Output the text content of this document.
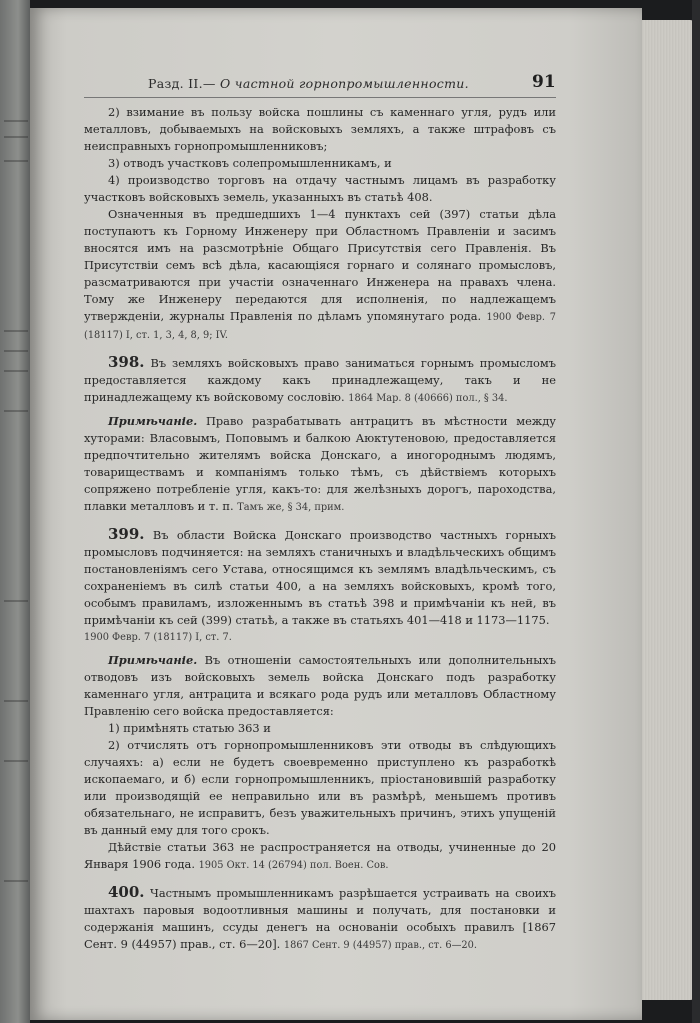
Разд. II.— О частной горнопромышленности.	91

2) взимание въ пользу войска пошлины съ каменнаго угля, рудъ или металловъ, добываемыхъ на войсковыхъ земляхъ, а также штрафовъ съ неисправныхъ горнопромышленниковъ;

3) отводъ участковъ солепромышленникамъ, и

4) производство торговъ на отдачу частнымъ лицамъ въ разработку участковъ войсковыхъ земель, указанныхъ въ статьѣ 408.

Означенныя въ предшедшихъ 1—4 пунктахъ сей (397) статьи дѣла поступаютъ къ Горному Инженеру при Областномъ Правленіи и засимъ вносятся имъ на разсмотрѣніе Общаго Присутствія сего Правленія. Въ Присутствіи семъ всѣ дѣла, касающіяся горнаго и солянаго промысловъ, разсматриваются при участіи означеннаго Инженера на правахъ члена. Тому же Инженеру передаются для исполненія, по надлежащемъ утвержденіи, журналы Правленія по дѣламъ упомянутаго рода. 1900 Февр. 7 (18117) I, ст. 1, 3, 4, 8, 9; IV.

398. Въ земляхъ войсковыхъ право заниматься горнымъ промысломъ предоставляется каждому какъ принадлежащему, такъ и не принадлежащему къ войсковому сословію. 1864 Мар. 8 (40666) пол., § 34.
Примѣчаніе. Право разрабатывать антрацитъ въ мѣстности между хуторами: Власовымъ, Поповымъ и балкою Аюктутеновою, предоставляется предпочтительно жителямъ войска Донскаго, а иногороднымъ людямъ, товариществамъ и компаніямъ только тѣмъ, съ дѣйствіемъ которыхъ сопряжено потребленіе угля, какъ-то: для желѣзныхъ дорогъ, пароходства, плавки металловъ и т. п. Тамъ же, § 34, прим.
399. Въ области Войска Донскаго производство частныхъ горныхъ промысловъ подчиняется: на земляхъ станичныхъ и владѣльческихъ общимъ постановленіямъ сего Устава, относящимся къ землямъ владѣльческимъ, съ сохраненіемъ въ силѣ статьи 400, а на земляхъ войсковыхъ, кромѣ того, особымъ правиламъ, изложеннымъ въ статьѣ 398 и примѣчаніи къ ней, въ примѣчаніи къ сей (399) статьѣ, а также въ статьяхъ 401—418 и 1173—1175.

1900 Февр. 7 (18117) I, ст. 7.

Примѣчаніе. Въ отношеніи самостоятельныхъ или дополнительныхъ отводовъ изъ войсковыхъ земель войска Донскаго подъ разработку каменнаго угля, антрацита и всякаго рода рудъ или металловъ Областному Правленію сего войска предоставляется:

1) примѣнять статью 363 и

2) отчислять отъ горнопромышленниковъ эти отводы въ слѣдующихъ случаяхъ: а) если не будетъ своевременно приступлено къ разработкѣ ископаемаго, и б) если горнопромышленникъ, пріостановившій разработку или производящій ее неправильно или въ размѣрѣ, меньшемъ противъ обязательнаго, не исправитъ, безъ уважительныхъ причинъ, этихъ упущеній въ данный ему для того срокъ.

Дѣйствіе статьи 363 не распространяется на отводы, учиненные до 20 Января 1906 года. 1905 Окт. 14 (26794) пол. Воен. Сов.

400. Частнымъ промышленникамъ разрѣшается устраивать на своихъ шахтахъ паровыя водоотливныя машины и получать, для постановки и содержанія машинъ, ссуды денегъ на основаніи особыхъ правилъ [1867 Сент. 9 (44957) прав., ст. 6—20]. 1867 Сент. 9 (44957) прав., ст. 6—20.
